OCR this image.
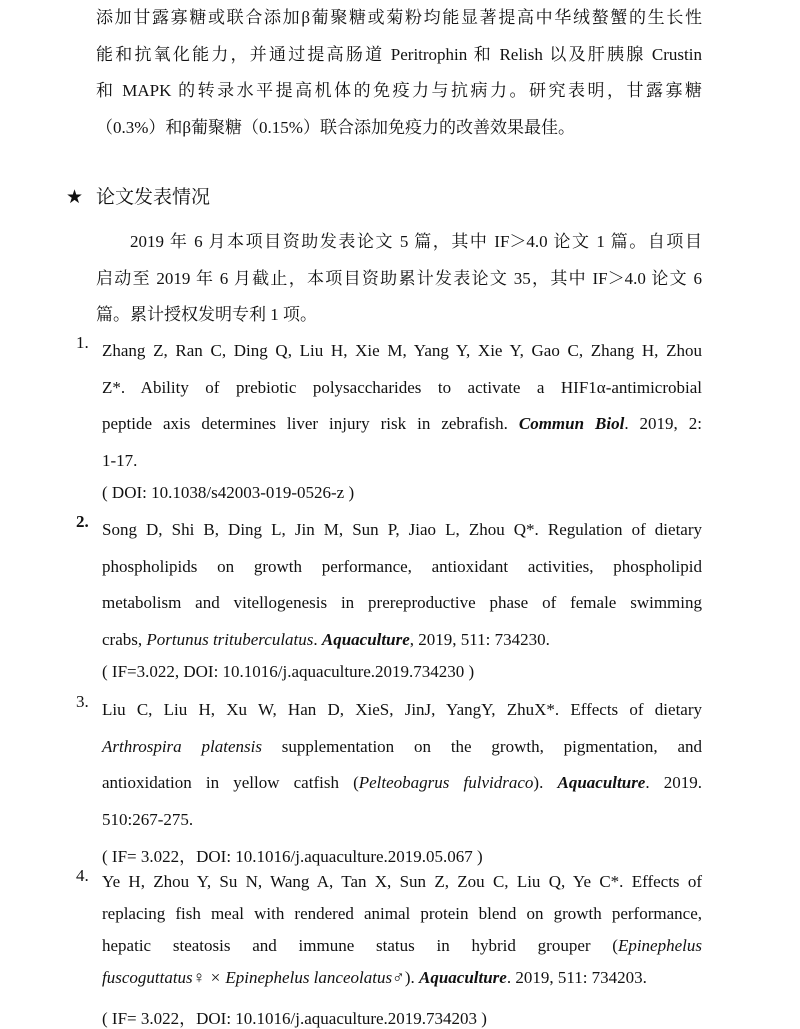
添加甘露寡糖或联合添加β葡聚糖或菊粉均能显著提高中华绒螯蟹的生长性
能和抗氧化能力，并通过提高肠道 Peritrophin 和 Relish 以及肝胰腺 Crustin
和 MAPK 的转录水平提高机体的免疫力与抗病力。研究表明，甘露寡糖
（0.3%）和β葡聚糖（0.15%）联合添加免疫力的改善效果最佳。
★ 论文发表情况
2019 年 6 月本项目资助发表论文 5 篇，其中 IF＞4.0 论文 1 篇。自项目
启动至 2019 年 6 月截止，本项目资助累计发表论文 35，其中 IF＞4.0 论文 6
篇。累计授权发明专利 1 项。
1. Zhang Z, Ran C, Ding Q, Liu H, Xie M, Yang Y, Xie Y, Gao C, Zhang H, Zhou
Z*. Ability of prebiotic polysaccharides to activate a HIF1α-antimicrobial
peptide axis determines liver injury risk in zebrafish. Commun Biol. 2019, 2:
1-17.
( DOI: 10.1038/s42003-019-0526-z )
2. Song D, Shi B, Ding L, Jin M, Sun P, Jiao L, Zhou Q*. Regulation of dietary
phospholipids on growth performance, antioxidant activities, phospholipid
metabolism and vitellogenesis in prereproductive phase of female swimming
crabs, Portunus trituberculatus. Aquaculture, 2019, 511: 734230.
( IF=3.022, DOI: 10.1016/j.aquaculture.2019.734230 )
3. Liu C, Liu H, Xu W, Han D, XieS, JinJ, YangY, ZhuX*. Effects of dietary
Arthrospira platensis supplementation on the growth, pigmentation, and
antioxidation in yellow catfish (Pelteobagrus fulvidraco). Aquaculture. 2019.
510:267-275.
( IF= 3.022，DOI: 10.1016/j.aquaculture.2019.05.067 )
4. Ye H, Zhou Y, Su N, Wang A, Tan X, Sun Z, Zou C, Liu Q, Ye C*. Effects of
replacing fish meal with rendered animal protein blend on growth performance,
hepatic steatosis and immune status in hybrid grouper (Epinephelus
fuscoguttatus♀ × Epinephelus lanceolatus♂). Aquaculture. 2019, 511: 734203.
( IF= 3.022，DOI: 10.1016/j.aquaculture.2019.734203 )
